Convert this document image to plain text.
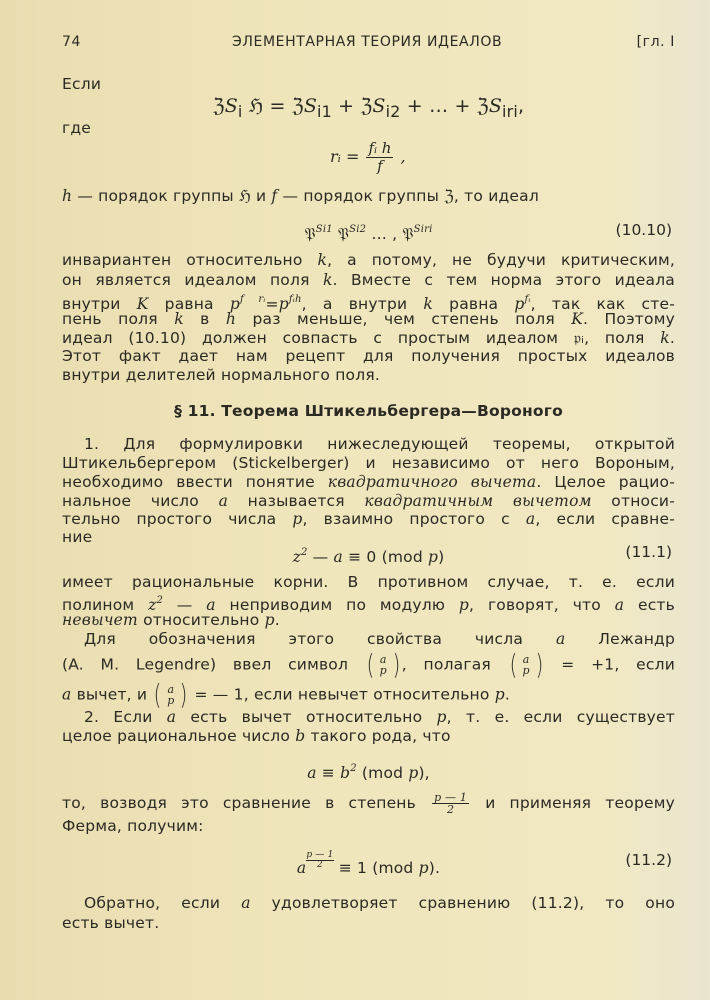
74	ЭЛЕМЕНТАРНАЯ ТЕОРИЯ ИДЕАЛОВ	[гл. I
Если
ℨS$_i$ ℌ = ℨS$_{i1}$ + ℨS$_{i2}$ + … + ℨS$_{iri}$,
где
rᵢ = $\frac{\text{fᵢ h}}{f}$ ,
h — порядок группы ℌ и f — порядок группы ℨ, то идеал
𝔓$^{Si1}$ 𝔓$^{Si2}$ … , 𝔓$^{Siri}$	(10.10)
инвариантен относительно k, а потому, не будучи критическим,
он является идеалом поля k. Вместе с тем норма этого идеала
внутри K равна $p^{f rᵢ}=p^{fᵢh}$, а внутри k равна $p^{fᵢ}$, так как сте-
пень поля k в h раз меньше, чем степень поля K. Поэтому
идеал (10.10) должен совпасть с простым идеалом 𝔭ᵢ, поля k.
Этот факт дает нам рецепт для получения простых идеалов
внутри делителей нормального поля.
§ 11. Теорема Штикельбергера—Вороного
1. Для формулировки нижеследующей теоремы, открытой
Штикельбергером (Stickelberger) и независимо от него Вороным,
необходимо ввести понятие квадратичного вычета. Целое рацио-
нальное число a называется квадратичным вычетом относи-
тельно простого числа p, взаимно простого с a, если сравне-
ние
$z^2$ — a ≡ 0 (mod p)	(11.1)
имеет рациональные корни. В противном случае, т. е. если
полином $z^2$ — a неприводим по модулю p, говорят, что a есть
невычет относительно p.
Для обозначения этого свойства числа a Лежандр
(A. M. Legendre) ввел символ ( a
p ) , полагая ( a
p ) = +1, если
a вычет, и ( a
p ) = — 1, если невычет относительно p.
2. Если a есть вычет относительно p, т. е. если существует
целое рациональное число b такого рода, что
$a \equiv b^2$ (mod p),
то, возводя это сравнение в степень $\frac{p — 1}{2}$ и применяя теорему
Ферма, получим:
a $\frac{p — 1}{2} \equiv 1$ (mod p).	(11.2)
Обратно, если a удовлетворяет сравнению (11.2), то оно
есть вычет.
